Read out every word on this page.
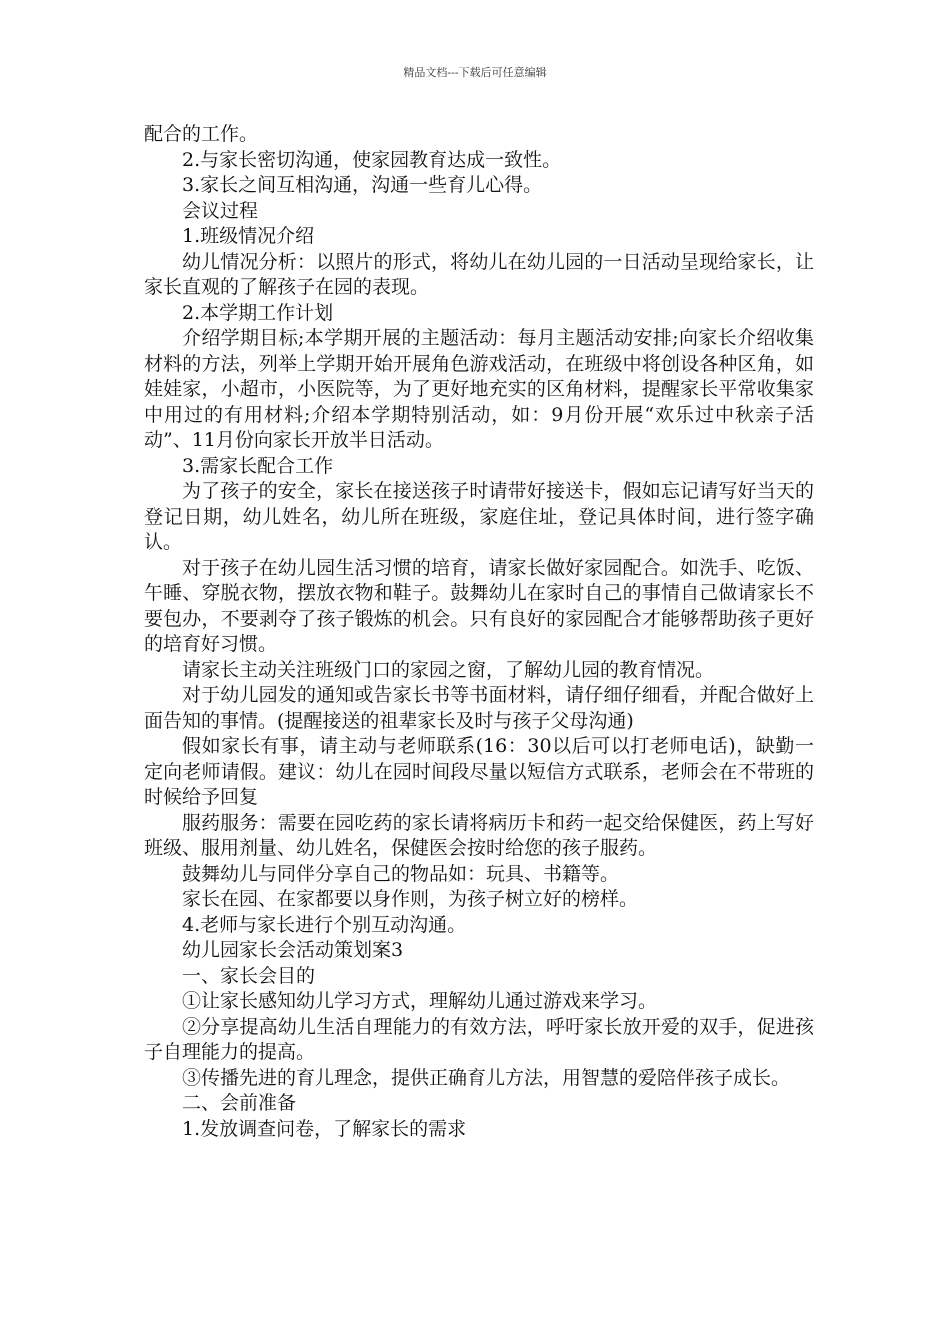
精品文档---下载后可任意编辑

配合的工作。

2.与家长密切沟通，使家园教育达成一致性。

3.家长之间互相沟通，沟通一些育儿心得。

会议过程

1.班级情况介绍

幼儿情况分析：以照片的形式，将幼儿在幼儿园的一日活动呈现给家长，让家长直观的了解孩子在园的表现。

2.本学期工作计划

介绍学期目标;本学期开展的主题活动：每月主题活动安排;向家长介绍收集材料的方法，列举上学期开始开展角色游戏活动，在班级中将创设各种区角，如娃娃家，小超市，小医院等，为了更好地充实的区角材料，提醒家长平常收集家中用过的有用材料;介绍本学期特别活动，如：9月份开展“欢乐过中秋亲子活动”、11月份向家长开放半日活动。

3.需家长配合工作

为了孩子的安全，家长在接送孩子时请带好接送卡，假如忘记请写好当天的登记日期，幼儿姓名，幼儿所在班级，家庭住址，登记具体时间，进行签字确认。

对于孩子在幼儿园生活习惯的培育，请家长做好家园配合。如洗手、吃饭、午睡、穿脱衣物，摆放衣物和鞋子。鼓舞幼儿在家时自己的事情自己做请家长不要包办，不要剥夺了孩子锻炼的机会。只有良好的家园配合才能够帮助孩子更好的培育好习惯。

请家长主动关注班级门口的家园之窗，了解幼儿园的教育情况。

对于幼儿园发的通知或告家长书等书面材料，请仔细仔细看，并配合做好上面告知的事情。(提醒接送的祖辈家长及时与孩子父母沟通)

假如家长有事，请主动与老师联系(16：30以后可以打老师电话)，缺勤一定向老师请假。建议：幼儿在园时间段尽量以短信方式联系，老师会在不带班的时候给予回复

服药服务：需要在园吃药的家长请将病历卡和药一起交给保健医，药上写好班级、服用剂量、幼儿姓名，保健医会按时给您的孩子服药。

鼓舞幼儿与同伴分享自己的物品如：玩具、书籍等。

家长在园、在家都要以身作则，为孩子树立好的榜样。

4.老师与家长进行个别互动沟通。

幼儿园家长会活动策划案3

一、家长会目的

①让家长感知幼儿学习方式，理解幼儿通过游戏来学习。

②分享提高幼儿生活自理能力的有效方法，呼吁家长放开爱的双手，促进孩子自理能力的提高。

③传播先进的育儿理念，提供正确育儿方法，用智慧的爱陪伴孩子成长。

二、会前准备

1.发放调查问卷，了解家长的需求
